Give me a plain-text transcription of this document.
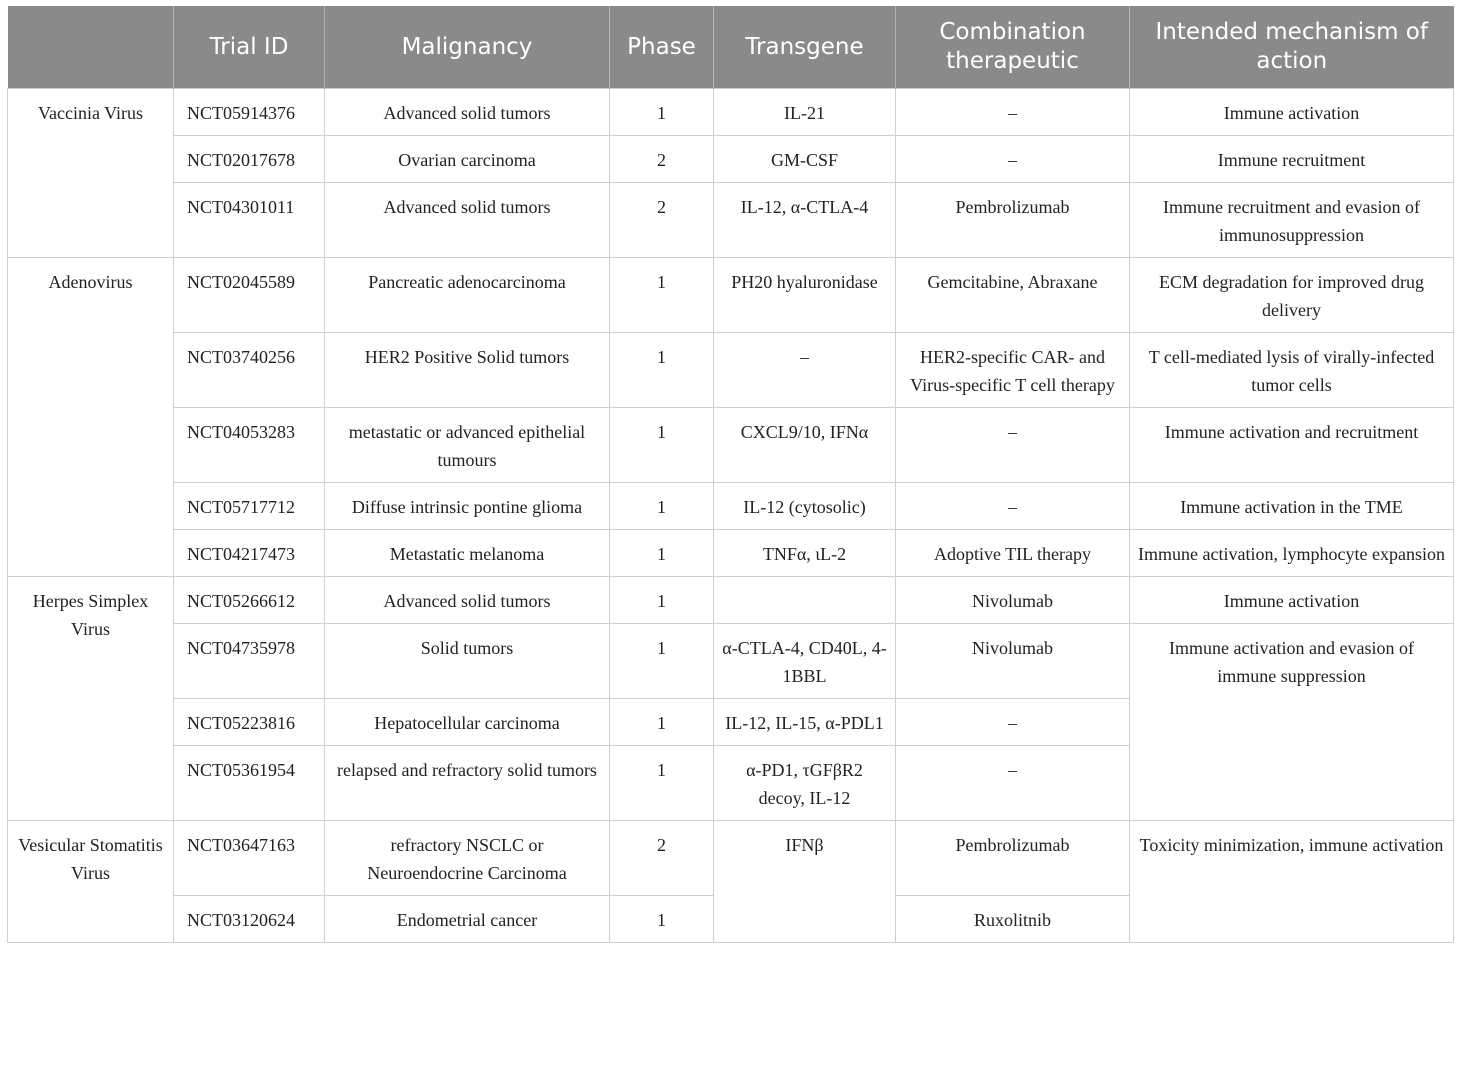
	Trial ID	Malignancy	Phase	Transgene	Combination therapeutic	Intended mechanism of action
Vaccinia Virus	NCT05914376	Advanced solid tumors	1	IL-21	–	Immune activation
	NCT02017678	Ovarian carcinoma	2	GM-CSF	–	Immune recruitment
	NCT04301011	Advanced solid tumors	2	IL-12, α-CTLA-4	Pembrolizumab	Immune recruitment and evasion of immunosuppression
Adenovirus	NCT02045589	Pancreatic adenocarcinoma	1	PH20 hyaluronidase	Gemcitabine, Abraxane	ECM degradation for improved drug delivery
	NCT03740256	HER2 Positive Solid tumors	1	–	HER2-specific CAR- and Virus-specific T cell therapy	T cell-mediated lysis of virally-infected tumor cells
	NCT04053283	metastatic or advanced epithelial tumours	1	CXCL9/10, IFNα	–	Immune activation and recruitment
	NCT05717712	Diffuse intrinsic pontine glioma	1	IL-12 (cytosolic)	–	Immune activation in the TME
	NCT04217473	Metastatic melanoma	1	TNFα, ιL-2	Adoptive TIL therapy	Immune activation, lymphocyte expansion
Herpes Simplex Virus	NCT05266612	Advanced solid tumors	1		Nivolumab	Immune activation
	NCT04735978	Solid tumors	1	α-CTLA-4, CD40L, 4-1BBL	Nivolumab	Immune activation and evasion of immune suppression
	NCT05223816	Hepatocellular carcinoma	1	IL-12, IL-15, α-PDL1	–	
	NCT05361954	relapsed and refractory solid tumors	1	α-PD1, τGFβR2 decoy, IL-12	–	
Vesicular Stomatitis Virus	NCT03647163	refractory NSCLC or Neuroendocrine Carcinoma	2	IFNβ	Pembrolizumab	Toxicity minimization, immune activation
	NCT03120624	Endometrial cancer	1		Ruxolitnib	
